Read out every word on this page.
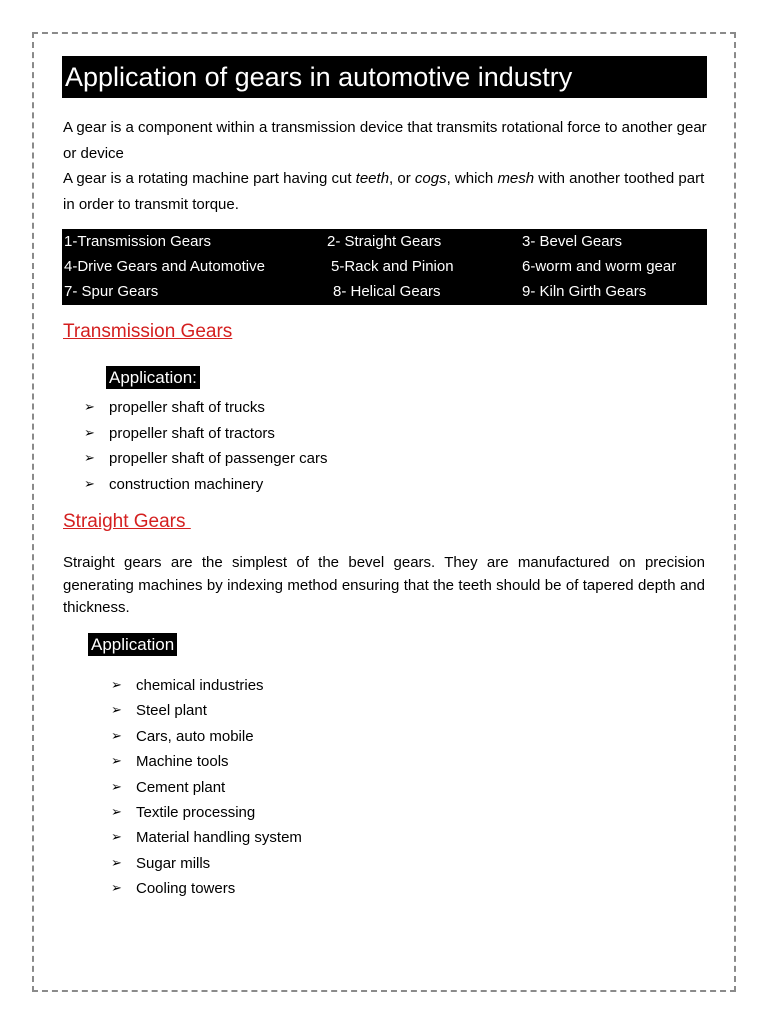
Application of gears in automotive industry

A gear is a component within a transmission device that transmits rotational force to another gear or device

A gear is a rotating machine part having cut teeth, or cogs, which mesh with another toothed part in order to transmit torque.

1-Transmission Gears	2- Straight Gears	3- Bevel Gears
4-Drive Gears and Automotive	5-Rack and Pinion	6-worm and worm gear
7- Spur Gears	8- Helical Gears	9- Kiln Girth Gears
Transmission Gears
Application:
➢ propeller shaft of trucks
➢ propeller shaft of tractors
➢ propeller shaft of passenger cars
➢ construction machinery
Straight Gears
Straight gears are the simplest of the bevel gears. They are manufactured on precision generating machines by indexing method ensuring that the teeth should be of tapered depth and thickness.
Application
➢ chemical industries
➢ Steel plant
➢ Cars, auto mobile
➢ Machine tools
➢ Cement plant
➢ Textile processing
➢ Material handling system
➢ Sugar mills
➢ Cooling towers
